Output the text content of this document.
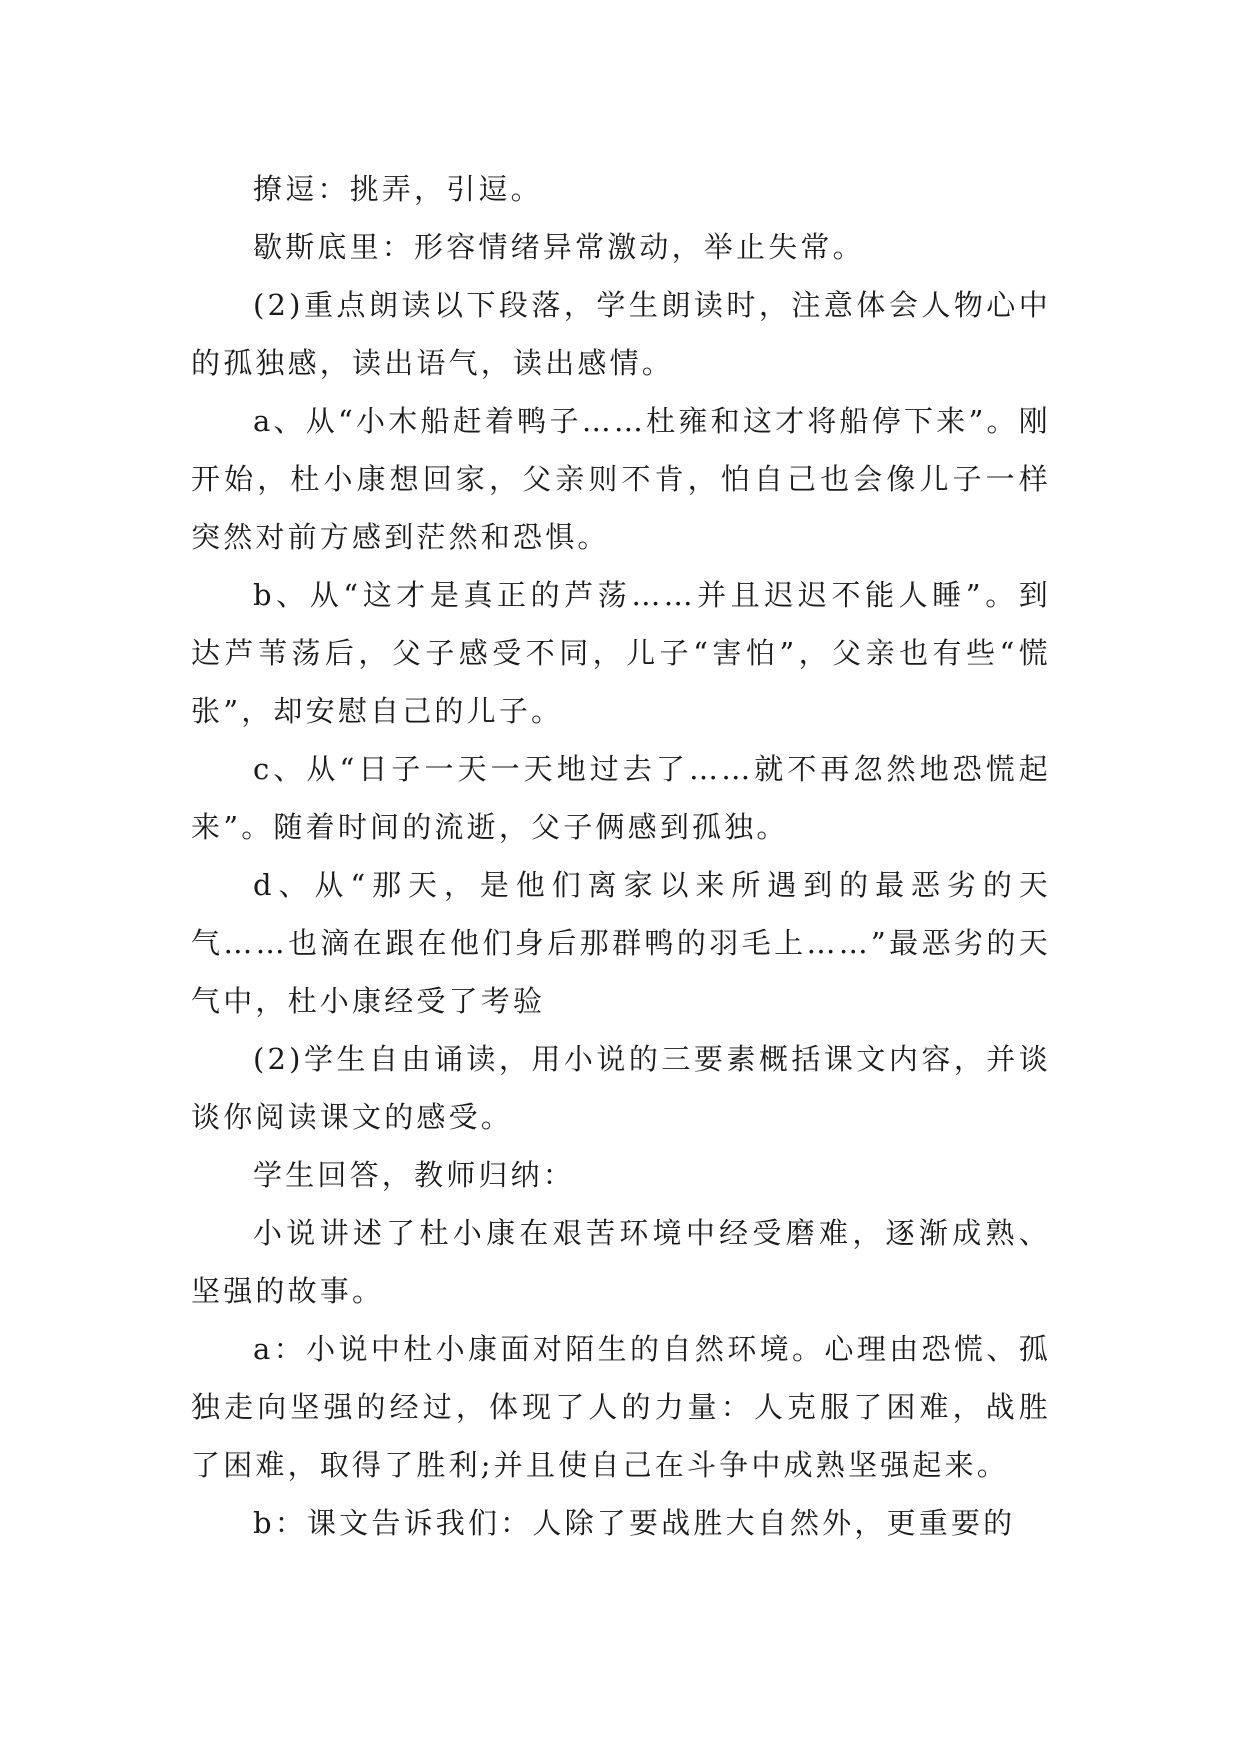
撩逗：挑弄，引逗。

歇斯底里：形容情绪异常激动，举止失常。

(2)重点朗读以下段落，学生朗读时，注意体会人物心中的孤独感，读出语气，读出感情。

a、从“小木船赶着鸭子……杜雍和这才将船停下来”。刚开始，杜小康想回家，父亲则不肯，怕自己也会像儿子一样突然对前方感到茫然和恐惧。

b、从“这才是真正的芦荡……并且迟迟不能人睡”。到达芦苇荡后，父子感受不同，儿子“害怕”，父亲也有些“慌张”，却安慰自己的儿子。

c、从“日子一天一天地过去了……就不再忽然地恐慌起来”。随着时间的流逝，父子俩感到孤独。

d、从“那天，是他们离家以来所遇到的最恶劣的天气……也滴在跟在他们身后那群鸭的羽毛上……”最恶劣的天气中，杜小康经受了考验

(2)学生自由诵读，用小说的三要素概括课文内容，并谈谈你阅读课文的感受。

学生回答，教师归纳：

小说讲述了杜小康在艰苦环境中经受磨难，逐渐成熟、坚强的故事。

a：小说中杜小康面对陌生的自然环境。心理由恐慌、孤独走向坚强的经过，体现了人的力量：人克服了困难，战胜了困难，取得了胜利;并且使自己在斗争中成熟坚强起来。

b：课文告诉我们：人除了要战胜大自然外，更重要的
